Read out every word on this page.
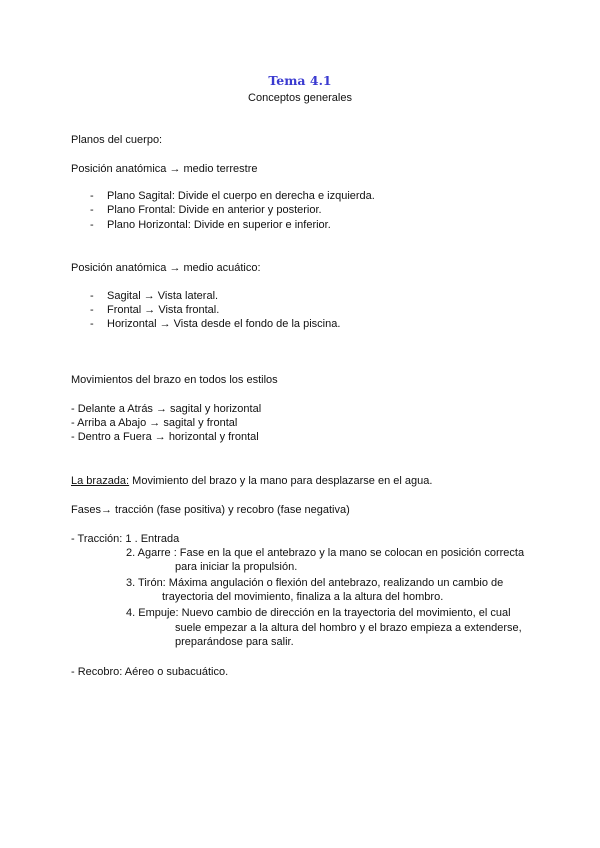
Tema 4.1
Conceptos generales
Planos del cuerpo:
Posición anatómica → medio terrestre
- Plano Sagital: Divide el cuerpo en derecha e izquierda.
- Plano Frontal: Divide en anterior y posterior.
- Plano Horizontal: Divide en superior e inferior.
Posición anatómica → medio acuático:
- Sagital → Vista lateral.
- Frontal → Vista frontal.
- Horizontal → Vista desde el fondo de la piscina.
Movimientos del brazo en todos los estilos
- Delante a Atrás → sagital y horizontal
- Arriba a Abajo → sagital y frontal
- Dentro a Fuera → horizontal y frontal
La brazada: Movimiento del brazo y la mano para desplazarse en el agua.
Fases→ tracción (fase positiva) y recobro (fase negativa)
- Tracción: 1 . Entrada
2. Agarre : Fase en la que el antebrazo y la mano se colocan en posición correcta
para iniciar la propulsión.
3. Tirón: Máxima angulación o flexión del antebrazo, realizando un cambio de
trayectoria del movimiento, finaliza a la altura del hombro.
4. Empuje: Nuevo cambio de dirección en la trayectoria del movimiento, el cual
suele empezar a la altura del hombro y el brazo empieza a extenderse,
preparándose para salir.
- Recobro: Aéreo o subacuático.
